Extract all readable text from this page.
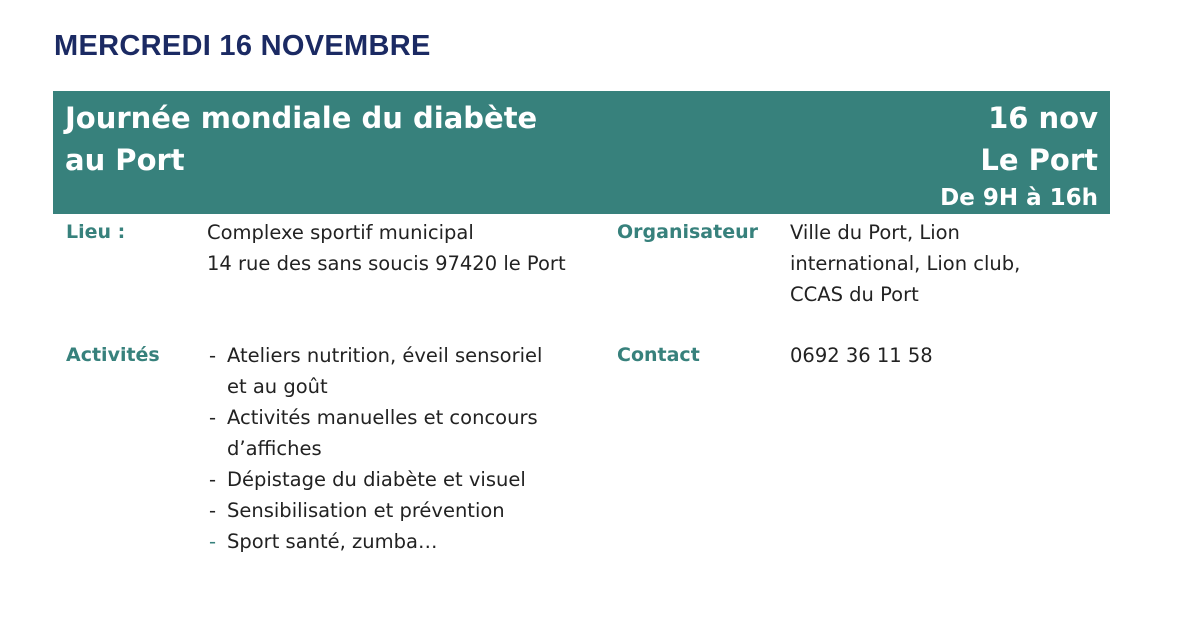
MERCREDI 16 NOVEMBRE
Journée mondiale du diabète
au Port
16 nov
Le Port
De 9H à 16h
Lieu :	Complexe sportif municipal
14 rue des sans soucis 97420 le Port
Organisateur Ville du Port, Lion
international, Lion club,
CCAS du Port
Activités	- Ateliers nutrition, éveil sensoriel
et au goût
- Activités manuelles et concours
d’affiches
- Dépistage du diabète et visuel
- Sensibilisation et prévention
- Sport santé, zumba…
Contact	0692 36 11 58
